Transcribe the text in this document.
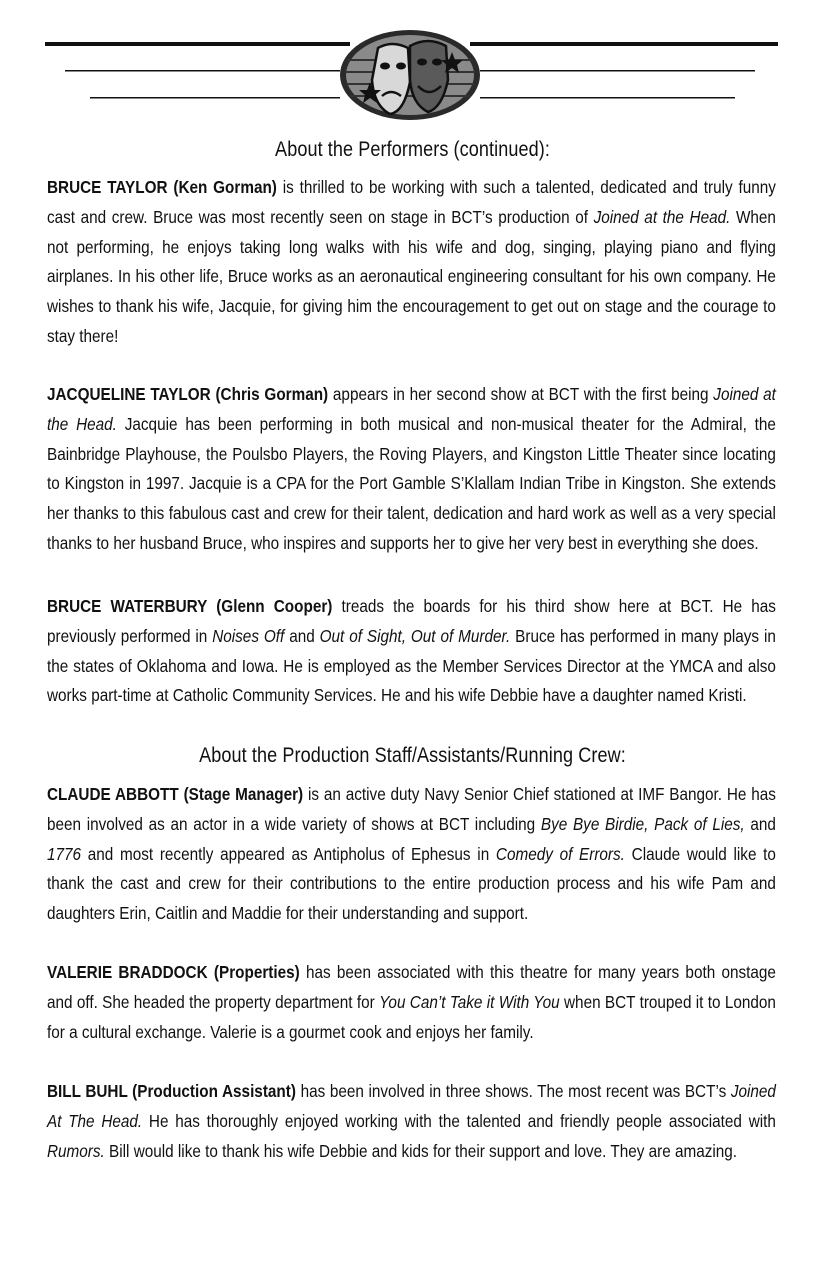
About the Performers (continued):
BRUCE TAYLOR (Ken Gorman) is thrilled to be working with such a talented, dedicated and truly funny cast and crew. Bruce was most recently seen on stage in BCT’s production of Joined at the Head. When not performing, he enjoys taking long walks with his wife and dog, singing, playing piano and flying airplanes. In his other life, Bruce works as an aeronautical engineering consultant for his own company. He wishes to thank his wife, Jacquie, for giving him the encouragement to get out on stage and the courage to stay there!
JACQUELINE TAYLOR (Chris Gorman) appears in her second show at BCT with the first being Joined at the Head. Jacquie has been performing in both musical and non-musical theater for the Admiral, the Bainbridge Playhouse, the Poulsbo Players, the Roving Players, and Kingston Little Theater since locating to Kingston in 1997. Jacquie is a CPA for the Port Gamble S’Klallam Indian Tribe in Kingston. She extends her thanks to this fabulous cast and crew for their talent, dedication and hard work as well as a very special thanks to her husband Bruce, who inspires and supports her to give her very best in everything she does.
BRUCE WATERBURY (Glenn Cooper) treads the boards for his third show here at BCT. He has previously performed in Noises Off and Out of Sight, Out of Murder. Bruce has performed in many plays in the states of Oklahoma and Iowa. He is employed as the Member Services Director at the YMCA and also works part-time at Catholic Community Services. He and his wife Debbie have a daughter named Kristi.
About the Production Staff/Assistants/Running Crew:
CLAUDE ABBOTT (Stage Manager) is an active duty Navy Senior Chief stationed at IMF Bangor. He has been involved as an actor in a wide variety of shows at BCT including Bye Bye Birdie, Pack of Lies, and 1776 and most recently appeared as Antipholus of Ephesus in Comedy of Errors. Claude would like to thank the cast and crew for their contributions to the entire production process and his wife Pam and daughters Erin, Caitlin and Maddie for their understanding and support.
VALERIE BRADDOCK (Properties) has been associated with this theatre for many years both onstage and off. She headed the property department for You Can’t Take it With You when BCT trouped it to London for a cultural exchange. Valerie is a gourmet cook and enjoys her family.
BILL BUHL (Production Assistant) has been involved in three shows. The most recent was BCT’s Joined At The Head. He has thoroughly enjoyed working with the talented and friendly people associated with Rumors. Bill would like to thank his wife Debbie and kids for their support and love. They are amazing.
